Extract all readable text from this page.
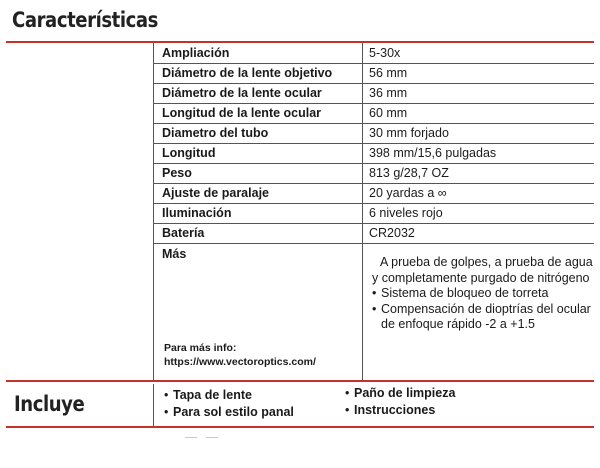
Características
Ampliación	5-30x
Diámetro de la lente objetivo	56 mm
Diámetro de la lente ocular	36 mm
Longitud de la lente ocular	60 mm
Diametro del tubo	30 mm forjado
Longitud	398 mm/15,6 pulgadas
Peso	813 g/28,7 OZ
Ajuste de paralaje	20 yardas a ∞
Iluminación	6 niveles rojo
Batería	CR2032
Más
A prueba de golpes, a prueba de agua y completamente purgado de nitrógeno
• Sistema de bloqueo de torreta
• Compensación de dioptrías del ocular de enfoque rápido -2 a +1.5
Para más info:
https://www.vectoroptics.com/
Incluye
•	Tapa de lente
• Para sol estilo panal
• Paño de limpieza
• Instrucciones
